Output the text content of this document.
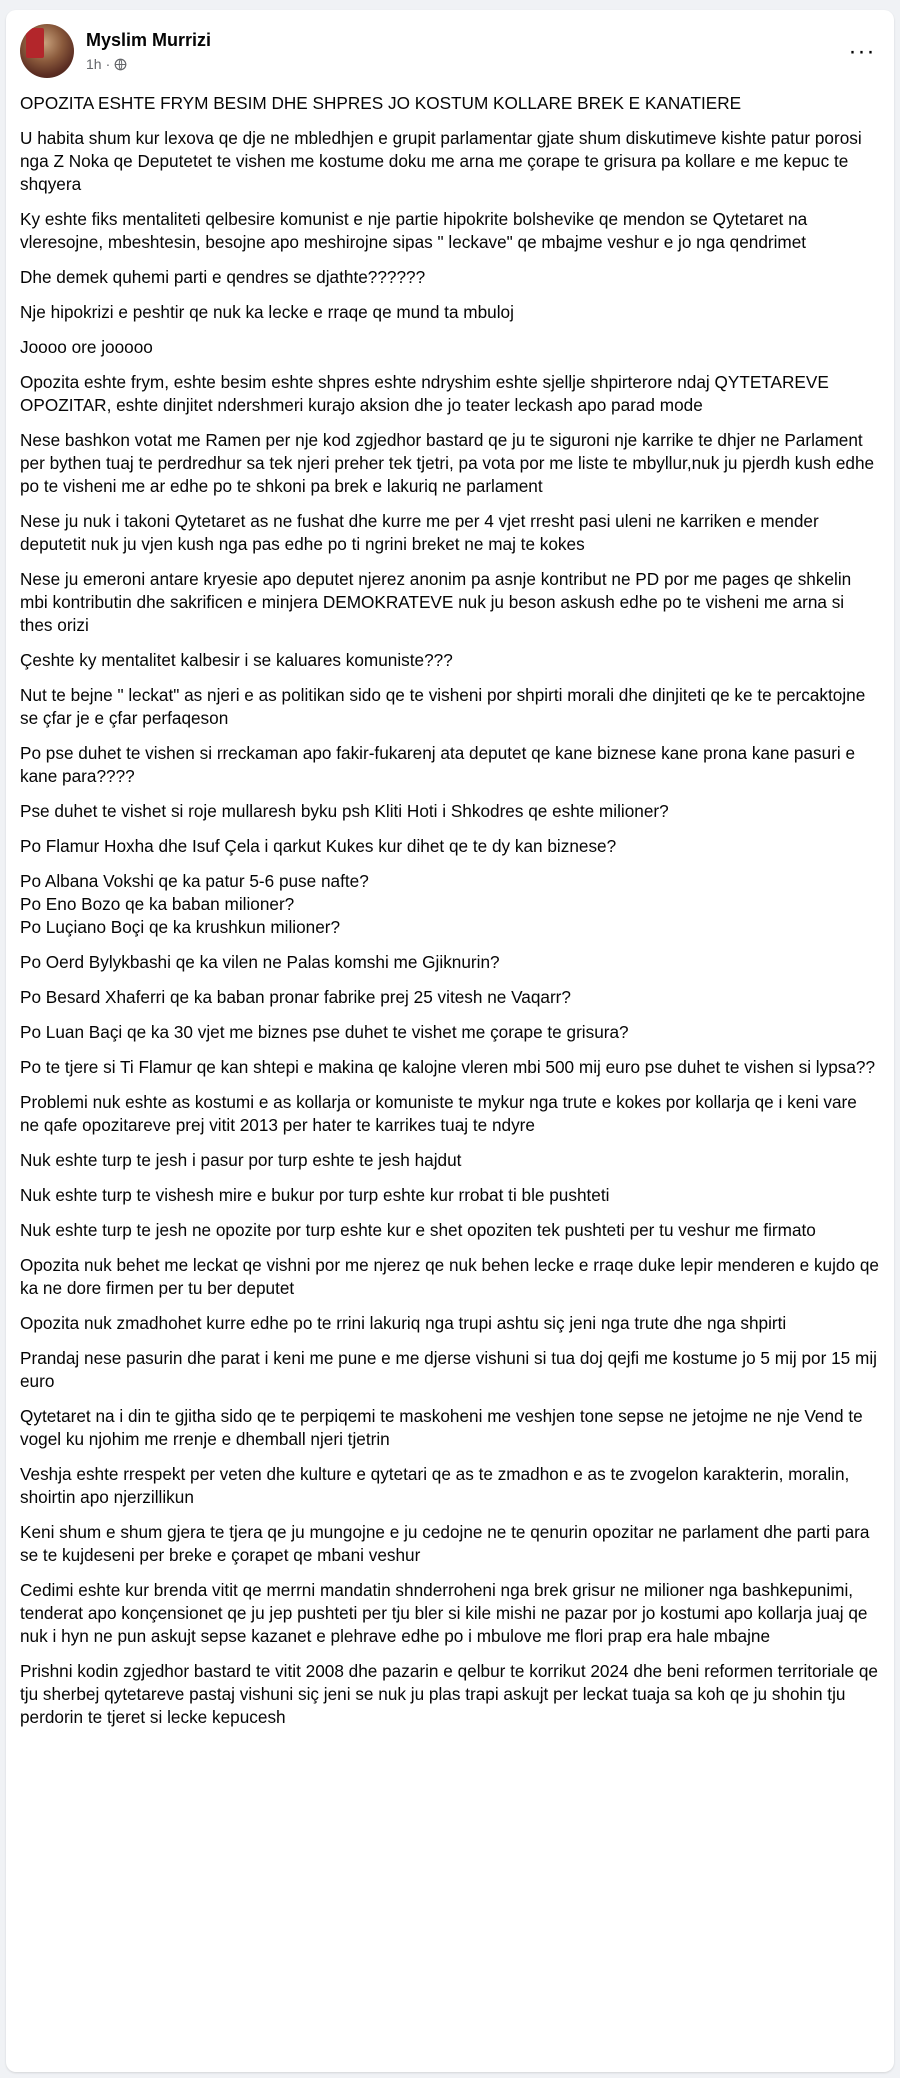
Myslim Murrizi
1h ·	···

OPOZITA ESHTE FRYM BESIM DHE SHPRES JO KOSTUM KOLLARE BREK E KANATIERE

U habita shum kur lexova qe dje ne mbledhjen e grupit parlamentar gjate shum diskutimeve kishte patur porosi nga Z Noka qe Deputetet te vishen me kostume doku me arna me çorape te grisura pa kollare e me kepuc te shqyera

Ky eshte fiks mentaliteti qelbesire komunist e nje partie hipokrite bolshevike qe mendon se Qytetaret na vleresojne, mbeshtesin, besojne apo meshirojne sipas " leckave" qe mbajme veshur e jo nga qendrimet

Dhe demek quhemi parti e qendres se djathte??????

Nje hipokrizi e peshtir qe nuk ka lecke e rraqe qe mund ta mbuloj

Joooo ore jooooo

Opozita eshte frym, eshte besim eshte shpres eshte ndryshim eshte sjellje shpirterore ndaj QYTETAREVE OPOZITAR, eshte dinjitet ndershmeri kurajo aksion dhe jo teater leckash apo parad mode

Nese bashkon votat me Ramen per nje kod zgjedhor bastard qe ju te siguroni nje karrike te dhjer ne Parlament per bythen tuaj te perdredhur sa tek njeri preher tek tjetri, pa vota por me liste te mbyllur,nuk ju pjerdh kush edhe po te visheni me ar edhe po te shkoni pa brek e lakuriq ne parlament

Nese ju nuk i takoni Qytetaret as ne fushat dhe kurre me per 4 vjet rresht pasi uleni ne karriken e mender deputetit nuk ju vjen kush nga pas edhe po ti ngrini breket ne maj te kokes

Nese ju emeroni antare kryesie apo deputet njerez anonim pa asnje kontribut ne PD por me pages qe shkelin mbi kontributin dhe sakrificen e minjera DEMOKRATEVE nuk ju beson askush edhe po te visheni me arna si thes orizi

Çeshte ky mentalitet kalbesir i se kaluares komuniste???

Nut te bejne " leckat" as njeri e as politikan sido qe te visheni por shpirti morali dhe dinjiteti qe ke te percaktojne se çfar je e çfar perfaqeson

Po pse duhet te vishen si rreckaman apo fakir-fukarenj ata deputet qe kane biznese kane prona kane pasuri e kane para????

Pse duhet te vishet si roje mullaresh byku psh Kliti Hoti i Shkodres qe eshte milioner?

Po Flamur Hoxha dhe Isuf Çela i qarkut Kukes kur dihet qe te dy kan biznese?

Po Albana Vokshi qe ka patur 5-6 puse nafte?
Po Eno Bozo qe ka baban milioner?
Po Luçiano Boçi qe ka krushkun milioner?

Po Oerd Bylykbashi qe ka vilen ne Palas komshi me Gjiknurin?

Po Besard Xhaferri qe ka baban pronar fabrike prej 25 vitesh ne Vaqarr?

Po Luan Baçi qe ka 30 vjet me biznes pse duhet te vishet me çorape te grisura?

Po te tjere si Ti Flamur qe kan shtepi e makina qe kalojne vleren mbi 500 mij euro pse duhet te vishen si lypsa??

Problemi nuk eshte as kostumi e as kollarja or komuniste te mykur nga trute e kokes por kollarja qe i keni vare ne qafe opozitareve prej vitit 2013 per hater te karrikes tuaj te ndyre

Nuk eshte turp te jesh i pasur por turp eshte te jesh hajdut

Nuk eshte turp te vishesh mire e bukur por turp eshte kur rrobat ti ble pushteti

Nuk eshte turp te jesh ne opozite por turp eshte kur e shet opoziten tek pushteti per tu veshur me firmato

Opozita nuk behet me leckat qe vishni por me njerez qe nuk behen lecke e rraqe duke lepir menderen e kujdo qe ka ne dore firmen per tu ber deputet

Opozita nuk zmadhohet kurre edhe po te rrini lakuriq nga trupi ashtu siç jeni nga trute dhe nga shpirti

Prandaj nese pasurin dhe parat i keni me pune e me djerse vishuni si tua doj qejfi me kostume jo 5 mij por 15 mij euro

Qytetaret na i din te gjitha sido qe te perpiqemi te maskoheni me veshjen tone sepse ne jetojme ne nje Vend te vogel ku njohim me rrenje e dhemball njeri tjetrin

Veshja eshte rrespekt per veten dhe kulture e qytetari qe as te zmadhon e as te zvogelon karakterin, moralin, shoirtin apo njerzillikun

Keni shum e shum gjera te tjera qe ju mungojne e ju cedojne ne te qenurin opozitar ne parlament dhe parti para se te kujdeseni per breke e çorapet qe mbani veshur

Cedimi eshte kur brenda vitit qe merrni mandatin shnderroheni nga brek grisur ne milioner nga bashkepunimi, tenderat apo konçensionet qe ju jep pushteti per tju bler si kile mishi ne pazar por jo kostumi apo kollarja juaj qe nuk i hyn ne pun askujt sepse kazanet e plehrave edhe po i mbulove me flori prap era hale mbajne

Prishni kodin zgjedhor bastard te vitit 2008 dhe pazarin e qelbur te korrikut 2024 dhe beni reformen territoriale qe tju sherbej qytetareve pastaj vishuni siç jeni se nuk ju plas trapi askujt per leckat tuaja sa koh qe ju shohin tju perdorin te tjeret si lecke kepucesh
